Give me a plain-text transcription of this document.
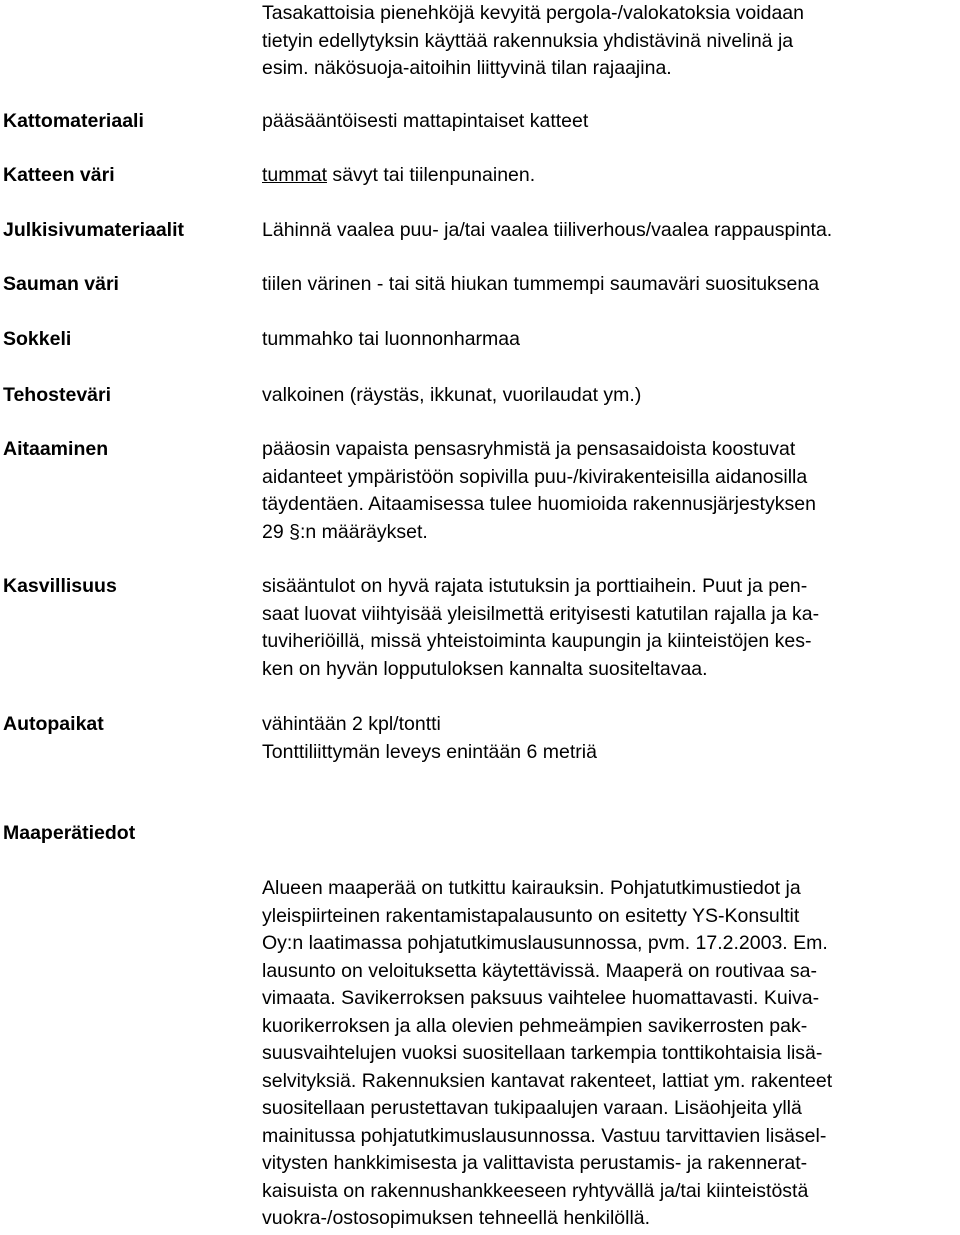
Tasakattoisia pienehköjä kevyitä pergola-/valokatoksia voidaan
tietyin edellytyksin käyttää rakennuksia yhdistävinä nivelinä ja
esim. näkösuoja-aitoihin liittyvinä tilan rajaajina.
Kattomateriaali	pääsääntöisesti mattapintaiset katteet
Katteen väri	tummat sävyt tai tiilenpunainen.
Julkisivumateriaalit	Lähinnä vaalea puu- ja/tai vaalea tiiliverhous/vaalea rappauspinta.
Sauman väri	tiilen värinen - tai sitä hiukan tummempi saumaväri suosituksena
Sokkeli	tummahko tai luonnonharmaa
Tehosteväri	valkoinen (räystäs, ikkunat, vuorilaudat ym.)
Aitaaminen	pääosin vapaista pensasryhmistä ja pensasaidoista koostuvat
aidanteet ympäristöön sopivilla puu-/kivirakenteisilla aidanosilla
täydentäen. Aitaamisessa tulee huomioida rakennusjärjestyksen
29 §:n määräykset.
Kasvillisuus	sisääntulot on hyvä rajata istutuksin ja porttiaihein. Puut ja pen-
saat luovat viihtyisää yleisilmettä erityisesti katutilan rajalla ja ka-
tuviheriöillä, missä yhteistoiminta kaupungin ja kiinteistöjen kes-
ken on hyvän lopputuloksen kannalta suositeltavaa.
Autopaikat	vähintään 2 kpl/tontti
Tonttiliittymän leveys enintään 6 metriä
Maaperätiedot
Alueen maaperää on tutkittu kairauksin. Pohjatutkimustiedot ja
yleispiirteinen rakentamistapalausunto on esitetty YS-Konsultit
Oy:n laatimassa pohjatutkimuslausunnossa, pvm. 17.2.2003. Em.
lausunto on veloituksetta käytettävissä. Maaperä on routivaa sa-
vimaata. Savikerroksen paksuus vaihtelee huomattavasti. Kuiva-
kuorikerroksen ja alla olevien pehmeämpien savikerrosten pak-
suusvaihtelujen vuoksi suositellaan tarkempia tonttikohtaisia lisä-
selvityksiä. Rakennuksien kantavat rakenteet, lattiat ym. rakenteet
suositellaan perustettavan tukipaalujen varaan. Lisäohjeita yllä
mainitussa pohjatutkimuslausunnossa. Vastuu tarvittavien lisäsel-
vitysten hankkimisesta ja valittavista perustamis- ja rakennerat-
kaisuista on rakennushankkeeseen ryhtyvällä ja/tai kiinteistöstä
vuokra-/ostosopimuksen tehneellä henkilöllä.
